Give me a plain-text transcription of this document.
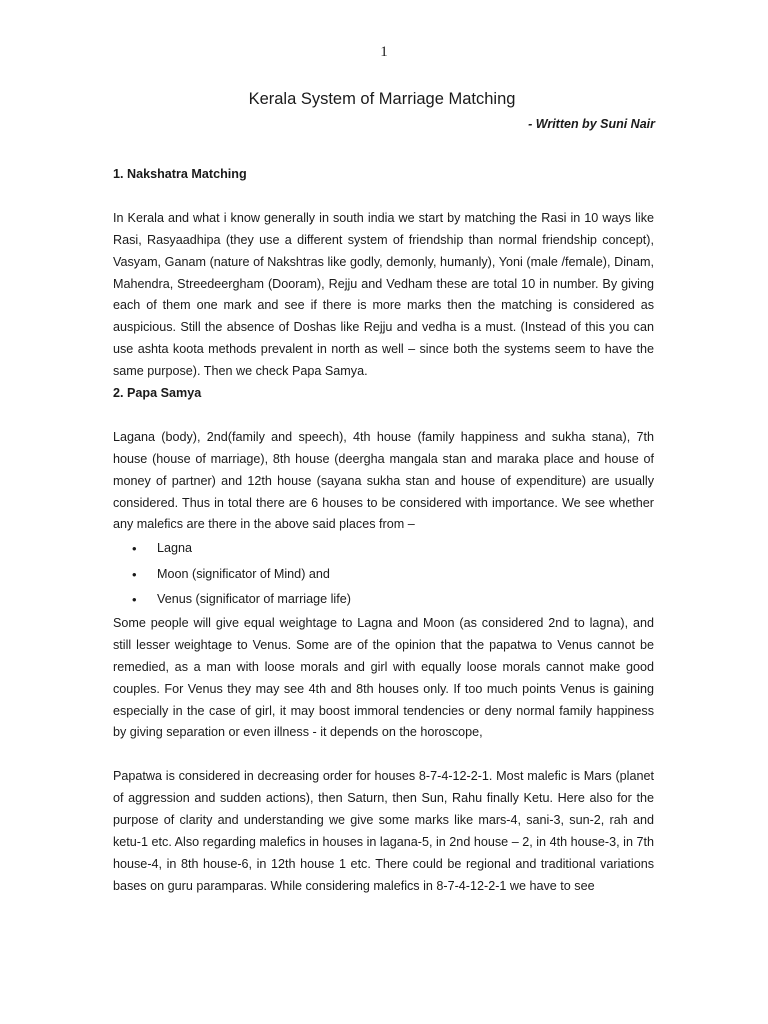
1
Kerala System of Marriage Matching
- Written by Suni Nair

1. Nakshatra Matching

In Kerala and what i know generally in south india we start by matching the Rasi in 10 ways like Rasi, Rasyaadhipa (they use a different system of friendship than normal friendship concept), Vasyam, Ganam (nature of Nakshtras like godly, demonly, humanly), Yoni (male /female), Dinam, Mahendra, Streedeergham (Dooram), Rejju and Vedham these are total 10 in number. By giving each of them one mark and see if there is more marks then the matching is considered as auspicious. Still the absence of Doshas like Rejju and vedha is a must. (Instead of this you can use ashta koota methods prevalent in north as well – since both the systems seem to have the same purpose). Then we check Papa Samya.

2. Papa Samya

Lagana (body), 2nd(family and speech), 4th house (family happiness and sukha stana), 7th house (house of marriage), 8th house (deergha mangala stan and maraka place and house of money of partner) and 12th house (sayana sukha stan and house of expenditure) are usually considered. Thus in total there are 6 houses to be considered with importance. We see whether any malefics are there in the above said places from –

• Lagna
• Moon (significator of Mind) and
• Venus (significator of marriage life)

Some people will give equal weightage to Lagna and Moon (as considered 2nd to lagna), and still lesser weightage to Venus. Some are of the opinion that the papatwa to Venus cannot be remedied, as a man with loose morals and girl with equally loose morals cannot make good couples. For Venus they may see 4th and 8th houses only. If too much points Venus is gaining especially in the case of girl, it may boost immoral tendencies or deny normal family happiness by giving separation or even illness - it depends on the horoscope,

Papatwa is considered in decreasing order for houses 8-7-4-12-2-1. Most malefic is Mars (planet of aggression and sudden actions), then Saturn, then Sun, Rahu finally Ketu. Here also for the purpose of clarity and understanding we give some marks like mars-4, sani-3, sun-2, rah and ketu-1 etc. Also regarding malefics in houses in lagana-5, in 2nd house – 2, in 4th house-3, in 7th house-4, in 8th house-6, in 12th house 1 etc. There could be regional and traditional variations bases on guru paramparas. While considering malefics in 8-7-4-12-2-1 we have to see
